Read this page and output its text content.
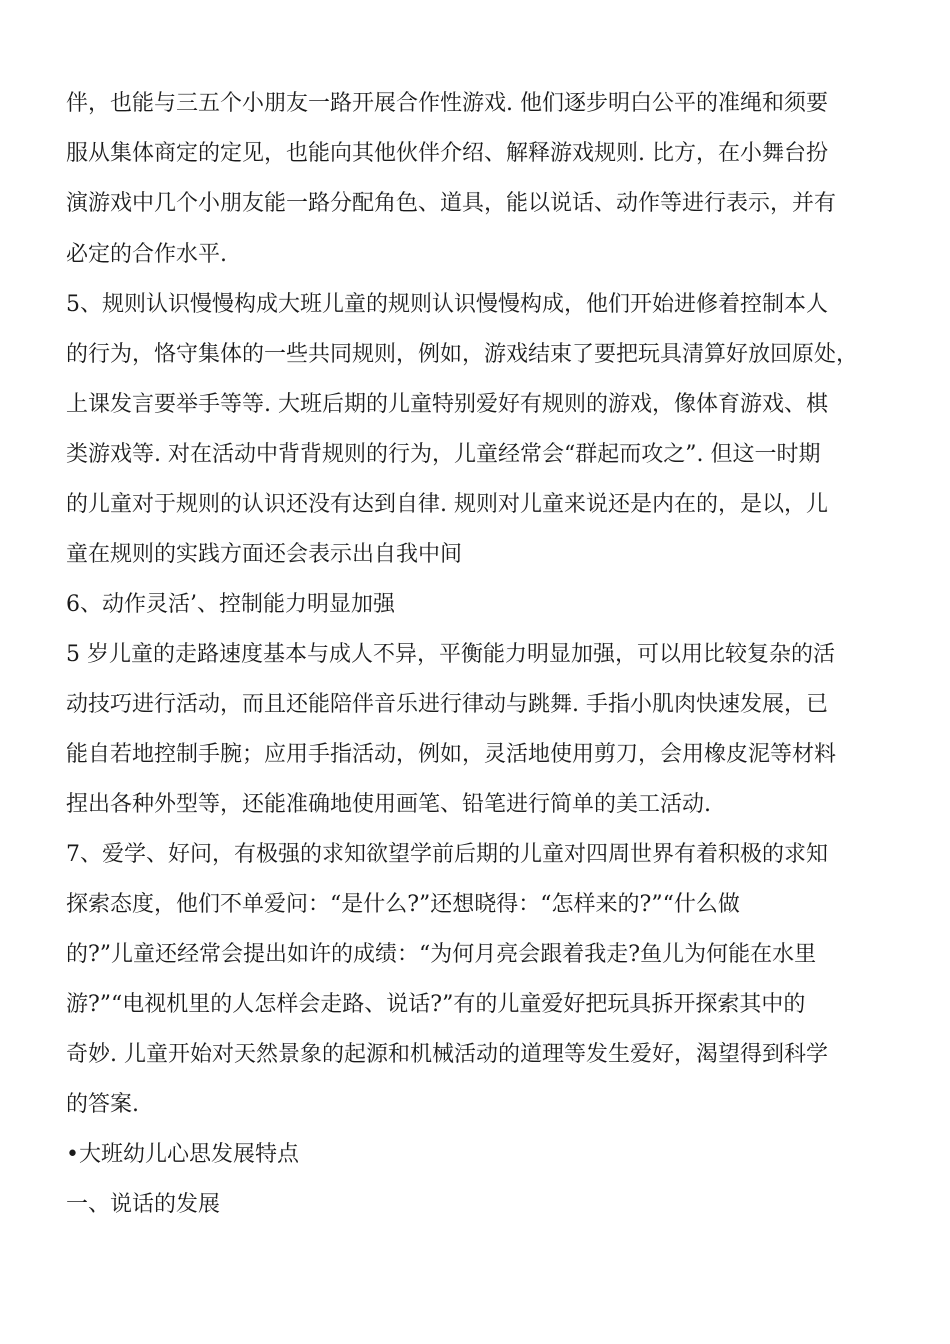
伴，也能与三五个小朋友一路开展合作性游戏. 他们逐步明白公平的准绳和须要

服从集体商定的定见，也能向其他伙伴介绍、解释游戏规则. 比方，在小舞台扮

演游戏中几个小朋友能一路分配角色、道具，能以说话、动作等进行表示，并有

必定的合作水平.

5、规则认识慢慢构成大班儿童的规则认识慢慢构成，他们开始进修着控制本人

的行为，恪守集体的一些共同规则，例如，游戏结束了要把玩具清算好放回原处，

上课发言要举手等等. 大班后期的儿童特别爱好有规则的游戏，像体育游戏、棋

类游戏等. 对在活动中背背规则的行为，儿童经常会“群起而攻之”. 但这一时期

的儿童对于规则的认识还没有达到自律. 规则对儿童来说还是内在的，是以，儿

童在规则的实践方面还会表示出自我中间

6、动作灵活’、控制能力明显加强

5 岁儿童的走路速度基本与成人不异，平衡能力明显加强，可以用比较复杂的活

动技巧进行活动，而且还能陪伴音乐进行律动与跳舞. 手指小肌肉快速发展，已

能自若地控制手腕；应用手指活动，例如，灵活地使用剪刀，会用橡皮泥等材料

捏出各种外型等，还能准确地使用画笔、铅笔进行简单的美工活动.

7、爱学、好问，有极强的求知欲望学前后期的儿童对四周世界有着积极的求知

探索态度，他们不单爱问：“是什么?”还想晓得：“怎样来的?”“什么做

的?”儿童还经常会提出如许的成绩：“为何月亮会跟着我走?鱼儿为何能在水里

游?”“电视机里的人怎样会走路、说话?”有的儿童爱好把玩具拆开探索其中的

奇妙. 儿童开始对天然景象的起源和机械活动的道理等发生爱好，渴望得到科学

的答案.

•大班幼儿心思发展特点

一、说话的发展
